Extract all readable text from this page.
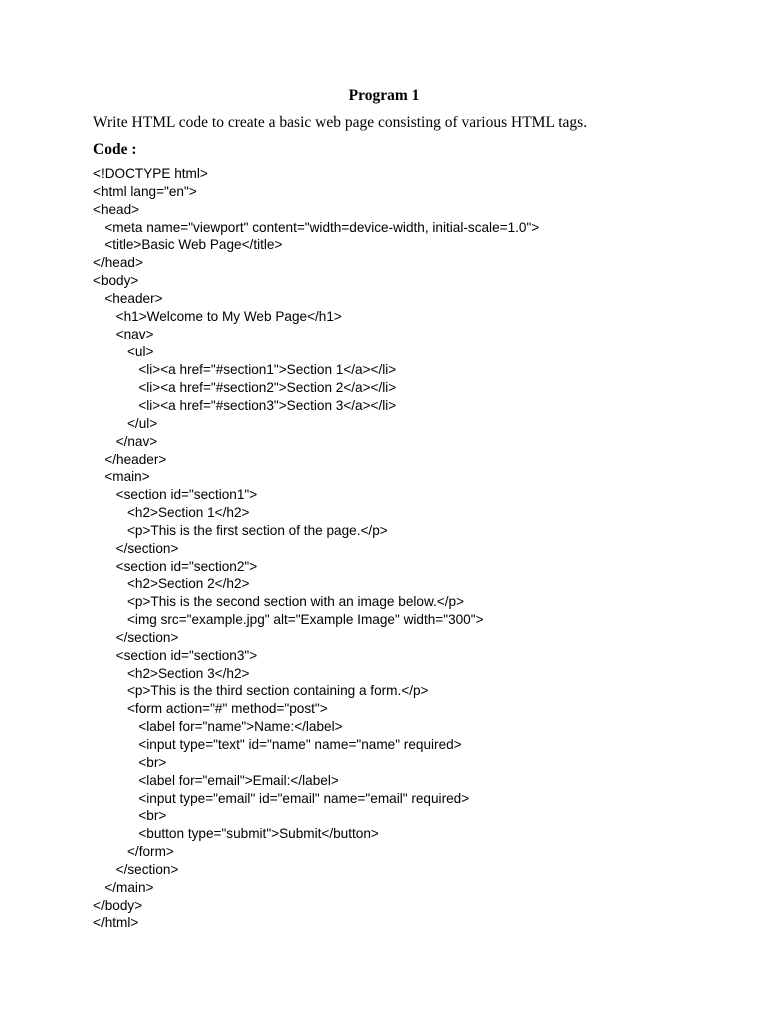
Program 1
Write HTML code to create a basic web page consisting of various HTML tags.
Code :
<!DOCTYPE html>
<html lang="en">
<head>
<meta name="viewport" content="width=device-width, initial-scale=1.0">
<title>Basic Web Page</title>
</head>
<body>
<header>
<h1>Welcome to My Web Page</h1>
<nav>
<ul>
<li><a href="#section1">Section 1</a></li>
<li><a href="#section2">Section 2</a></li>
<li><a href="#section3">Section 3</a></li>
</ul>
</nav>
</header>
<main>
<section id="section1">
<h2>Section 1</h2>
<p>This is the first section of the page.</p>
</section>
<section id="section2">
<h2>Section 2</h2>
<p>This is the second section with an image below.</p>
<img src="example.jpg" alt="Example Image" width="300">
</section>
<section id="section3">
<h2>Section 3</h2>
<p>This is the third section containing a form.</p>
<form action="#" method="post">
<label for="name">Name:</label>
<input type="text" id="name" name="name" required>
<br>
<label for="email">Email:</label>
<input type="email" id="email" name="email" required>
<br>
<button type="submit">Submit</button>
</form>
</section>
</main>
</body>
</html>
